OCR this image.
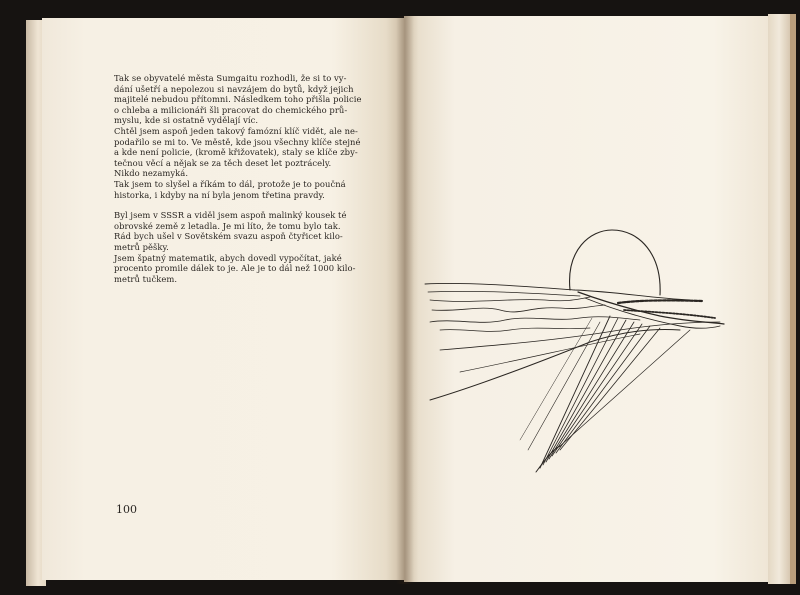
Tak se obyvatelé města Sumgaitu rozhodli, že si to vy-
dání ušetří a nepolezou si navzájem do bytů, když jejich
majitelé nebudou přítomni. Následkem toho přišla policie
o chleba a milicionáři šli pracovat do chemického prů-
myslu, kde si ostatně vydělají víc.
Chtěl jsem aspoň jeden takový famózní klíč vidět, ale ne-
podařilo se mi to. Ve městě, kde jsou všechny klíče stejné
a kde není policie, (kromě křižovatek), staly se klíče zby-
tečnou věcí a nějak se za těch deset let poztrácely.
Nikdo nezamyká.
Tak jsem to slyšel a říkám to dál, protože je to poučná
historka, i kdyby na ní byla jenom třetina pravdy.
Byl jsem v SSSR a viděl jsem aspoň malinký kousek té
obrovské země z letadla. Je mi líto, že tomu bylo tak.
Rád bych ušel v Sovětském svazu aspoň čtyřicet kilo-
metrů pěšky.
Jsem špatný matematik, abych dovedl vypočítat, jaké
procento promile dálek to je. Ale je to dál než 1000 kilo-
metrů tučkem.
100
